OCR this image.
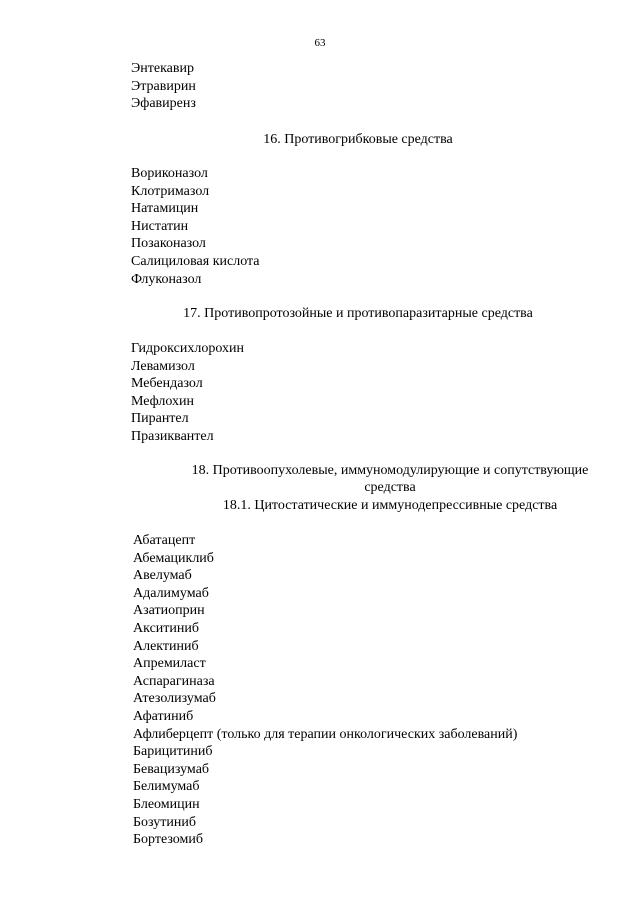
63
Энтекавир
Этравирин
Эфавиренз
16. Противогрибковые средства
Вориконазол
Клотримазол
Натамицин
Нистатин
Позаконазол
Салициловая кислота
Флуконазол
17. Противопротозойные и противопаразитарные средства
Гидроксихлорохин
Левамизол
Мебендазол
Мефлохин
Пирантел
Празиквантел
18. Противоопухолевые, иммуномодулирующие и сопутствующие
средства
18.1. Цитостатические и иммунодепрессивные средства
Абатацепт
Абемациклиб
Авелумаб
Адалимумаб
Азатиоприн
Акситиниб
Алектиниб
Апремиласт
Аспарагиназа
Атезолизумаб
Афатиниб
Афлиберцепт (только для терапии онкологических заболеваний)
Барицитиниб
Бевацизумаб
Белимумаб
Блеомицин
Бозутиниб
Бортезомиб
